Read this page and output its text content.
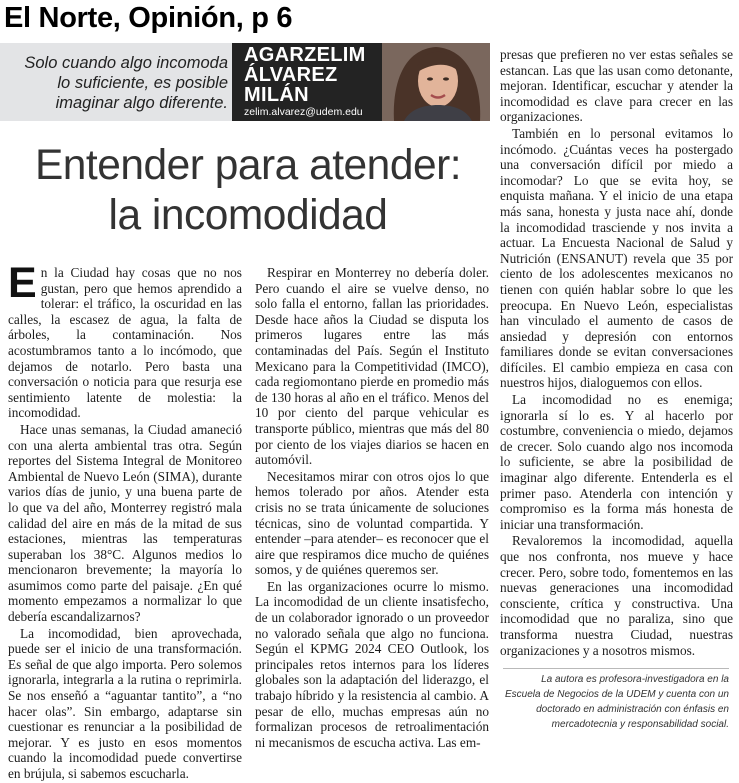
El Norte, Opinión, p 6
Solo cuando algo incomoda
lo suficiente, es posible
imaginar algo diferente.
AGARZELIM
ÁLVAREZ
MILÁN
zelim.alvarez@udem.edu
Entender para atender:
la incomodidad

En la Ciudad hay cosas que no nos gustan, pero que hemos aprendido a tolerar: el tráfico, la oscuridad en las calles, la escasez de agua, la falta de árboles, la contaminación. Nos acostumbramos tanto a lo incómodo, que dejamos de notarlo. Pero basta una conversación o noticia para que resurja ese sentimiento latente de molestia: la incomodidad.

Hace unas semanas, la Ciudad amaneció con una alerta ambiental tras otra. Según reportes del Sistema Integral de Monitoreo Ambiental de Nuevo León (SIMA), durante varios días de junio, y una buena parte de lo que va del año, Monterrey registró mala calidad del aire en más de la mitad de sus estaciones, mientras las temperaturas superaban los 38°C. Algunos medios lo mencionaron brevemente; la mayoría lo asumimos como parte del paisaje. ¿En qué momento empezamos a normalizar lo que debería escandalizarnos?

La incomodidad, bien aprovechada, puede ser el inicio de una transformación. Es señal de que algo importa. Pero solemos ignorarla, integrarla a la rutina o reprimirla. Se nos enseñó a “aguantar tantito”, a “no hacer olas”. Sin embargo, adaptarse sin cuestionar es renunciar a la posibilidad de mejorar. Y es justo en esos momentos cuando la incomodidad puede convertirse en brújula, si sabemos escucharla.

Respirar en Monterrey no debería doler. Pero cuando el aire se vuelve denso, no solo falla el entorno, fallan las prioridades. Desde hace años la Ciudad se disputa los primeros lugares entre las más contaminadas del País. Según el Instituto Mexicano para la Competitividad (IMCO), cada regiomontano pierde en promedio más de 130 horas al año en el tráfico. Menos del 10 por ciento del parque vehicular es transporte público, mientras que más del 80 por ciento de los viajes diarios se hacen en automóvil.

Necesitamos mirar con otros ojos lo que hemos tolerado por años. Atender esta crisis no se trata únicamente de soluciones técnicas, sino de voluntad compartida. Y entender –para atender– es reconocer que el aire que respiramos dice mucho de quiénes somos, y de quiénes queremos ser.

En las organizaciones ocurre lo mismo. La incomodidad de un cliente insatisfecho, de un colaborador ignorado o un proveedor no valorado señala que algo no funciona. Según el KPMG 2024 CEO Outlook, los principales retos internos para los líderes globales son la adaptación del liderazgo, el trabajo híbrido y la resistencia al cambio. A pesar de ello, muchas empresas aún no formalizan procesos de retroalimentación ni mecanismos de escucha activa. Las em-

presas que prefieren no ver estas señales se estancan. Las que las usan como detonante, mejoran. Identificar, escuchar y atender la incomodidad es clave para crecer en las organizaciones.

También en lo personal evitamos lo incómodo. ¿Cuántas veces ha postergado una conversación difícil por miedo a incomodar? Lo que se evita hoy, se enquista mañana. Y el inicio de una etapa más sana, honesta y justa nace ahí, donde la incomodidad trasciende y nos invita a actuar. La Encuesta Nacional de Salud y Nutrición (ENSANUT) revela que 35 por ciento de los adolescentes mexicanos no tienen con quién hablar sobre lo que les preocupa. En Nuevo León, especialistas han vinculado el aumento de casos de ansiedad y depresión con entornos familiares donde se evitan conversaciones difíciles. El cambio empieza en casa con nuestros hijos, dialoguemos con ellos.

La incomodidad no es enemiga; ignorarla sí lo es. Y al hacerlo por costumbre, conveniencia o miedo, dejamos de crecer. Solo cuando algo nos incomoda lo suficiente, se abre la posibilidad de imaginar algo diferente. Entenderla es el primer paso. Atenderla con intención y compromiso es la forma más honesta de iniciar una transformación.

Revaloremos la incomodidad, aquella que nos confronta, nos mueve y hace crecer. Pero, sobre todo, fomentemos en las nuevas generaciones una incomodidad consciente, crítica y constructiva. Una incomodidad que no paraliza, sino que transforma nuestra Ciudad, nuestras organizaciones y a nosotros mismos.

La autora es profesora-investigadora en la Escuela de Negocios de la UDEM y cuenta con un doctorado en administración con énfasis en mercadotecnia y responsabilidad social.
